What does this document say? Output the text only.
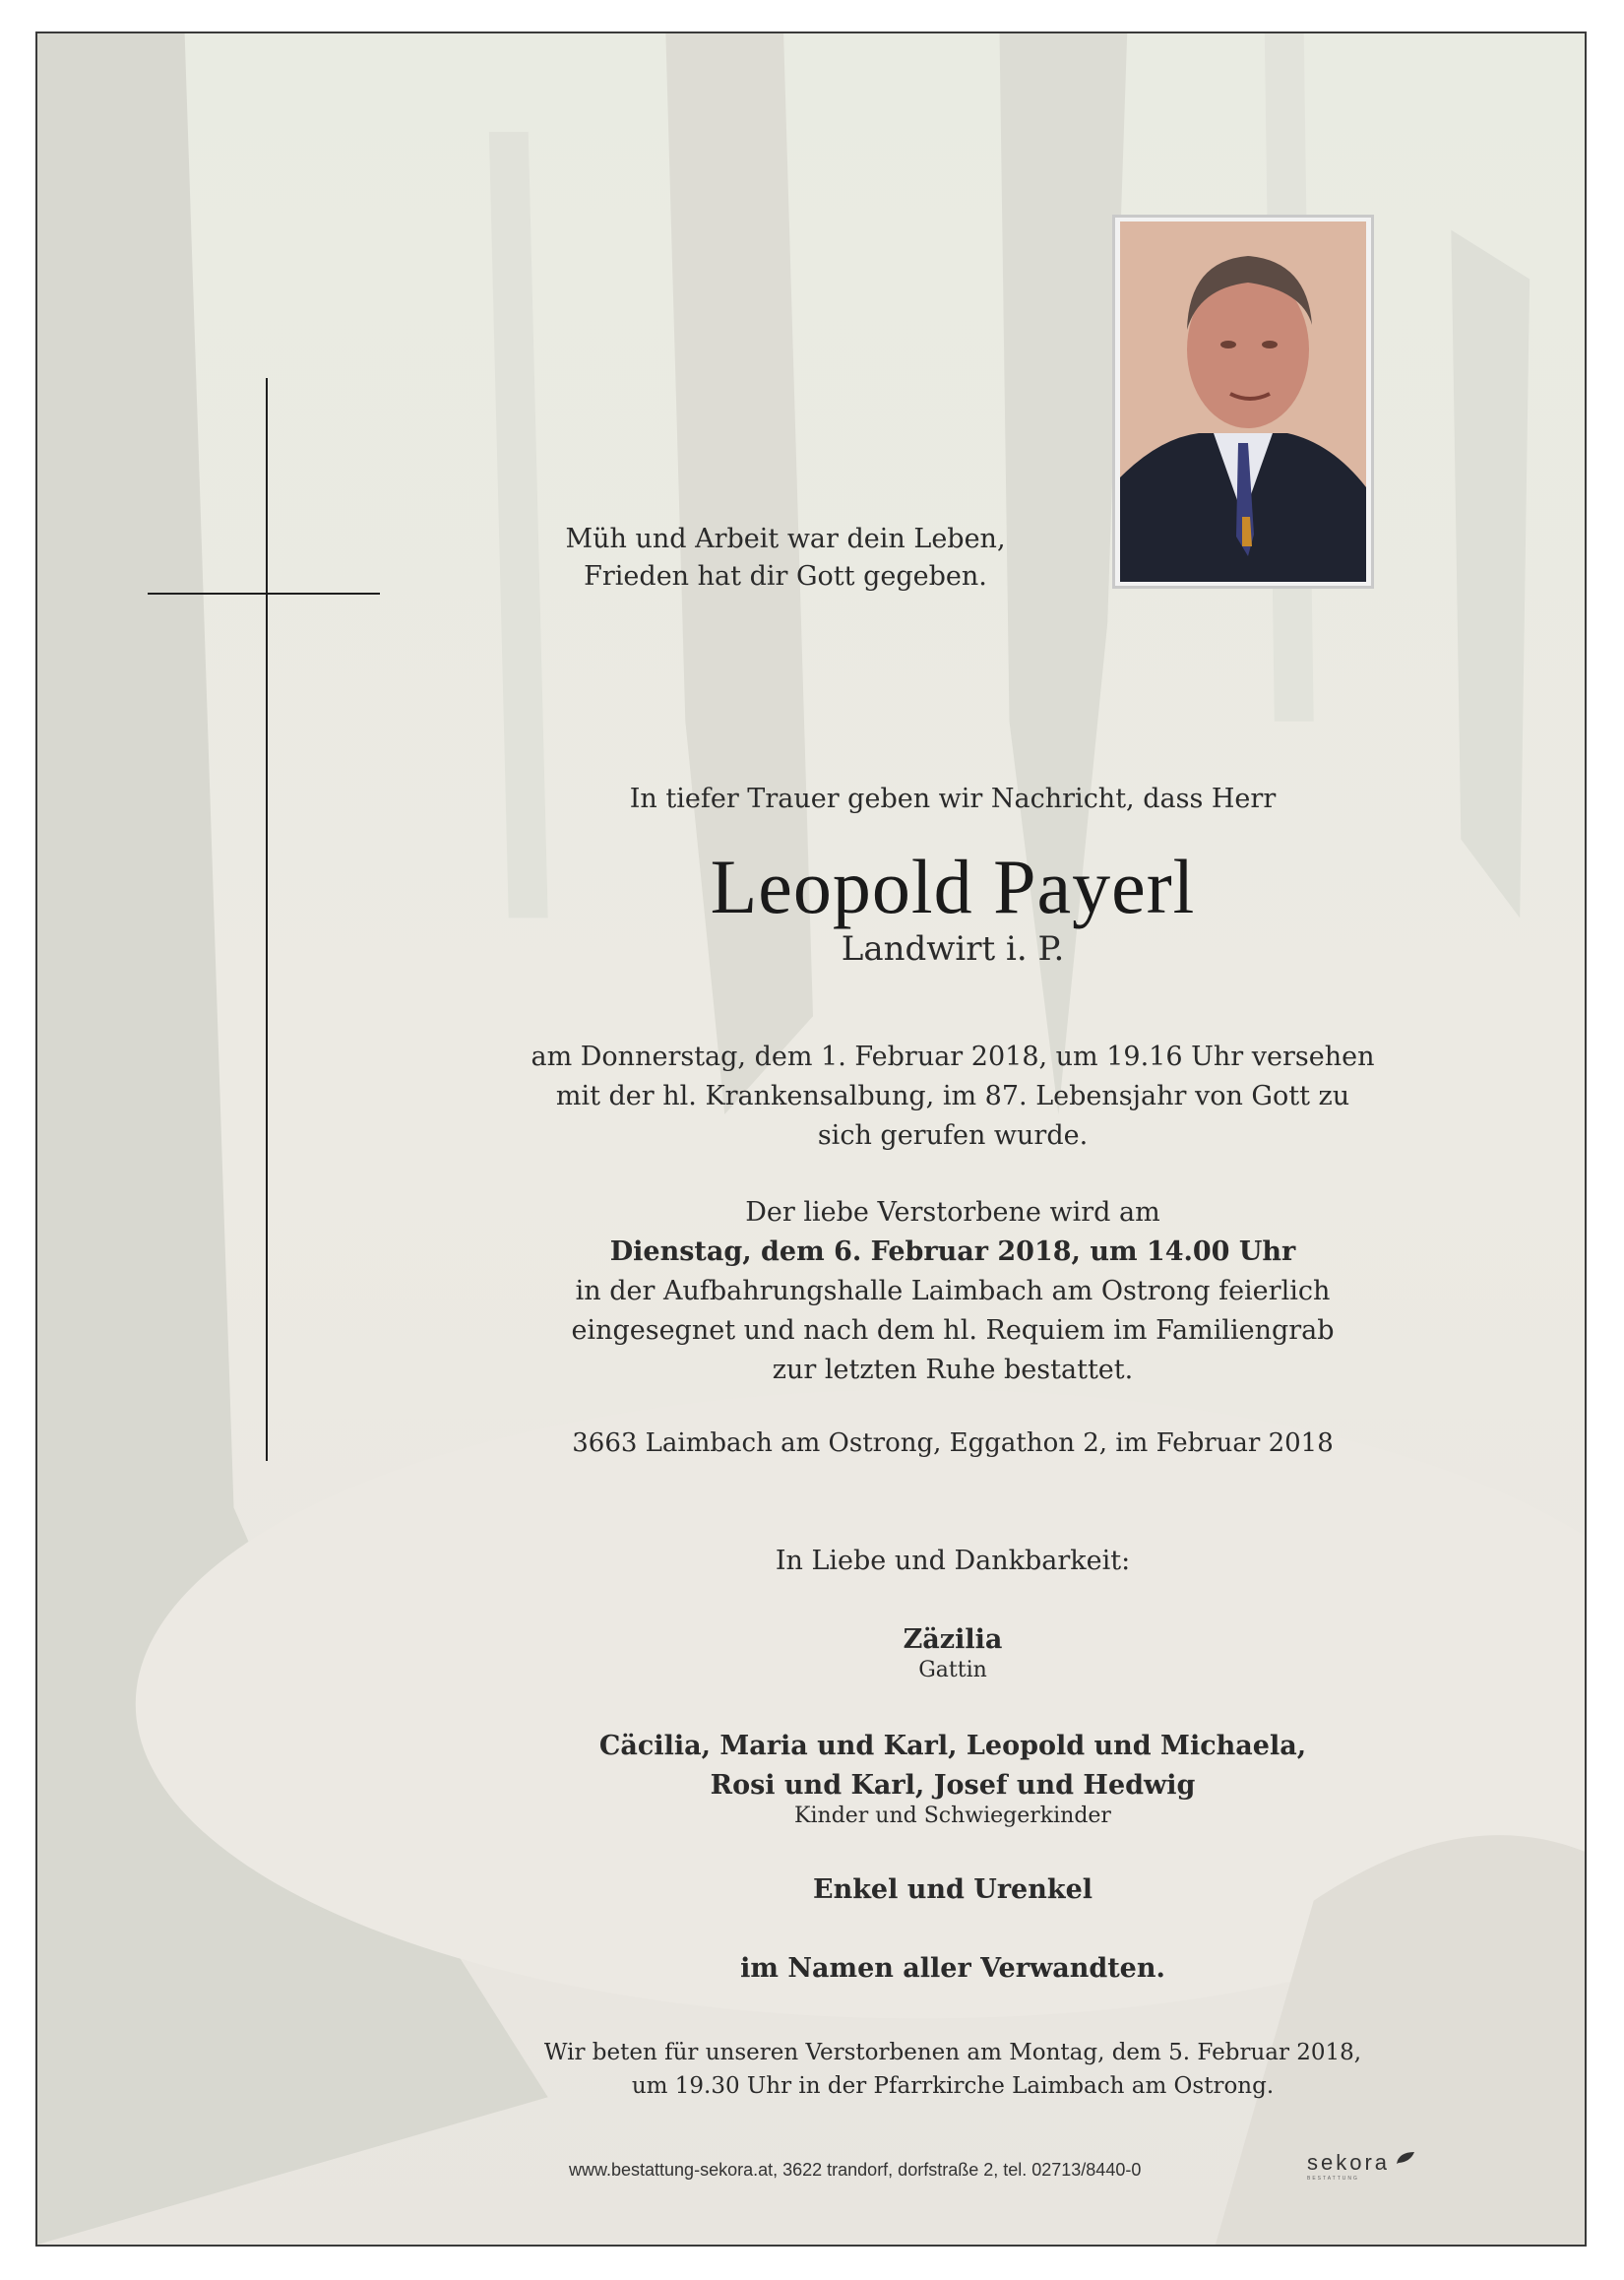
Müh und Arbeit war dein Leben,
Frieden hat dir Gott gegeben.
In tiefer Trauer geben wir Nachricht, dass Herr
Leopold Payerl
Landwirt i. P.
am Donnerstag, dem 1. Februar 2018, um 19.16 Uhr versehen
mit der hl. Krankensalbung, im 87. Lebensjahr von Gott zu
sich gerufen wurde.
Der liebe Verstorbene wird am
Dienstag, dem 6. Februar 2018, um 14.00 Uhr
in der Aufbahrungshalle Laimbach am Ostrong feierlich
eingesegnet und nach dem hl. Requiem im Familiengrab
zur letzten Ruhe bestattet.
3663 Laimbach am Ostrong, Eggathon 2, im Februar 2018
In Liebe und Dankbarkeit:
Zäzilia
Gattin
Cäcilia, Maria und Karl, Leopold und Michaela,
Rosi und Karl, Josef und Hedwig
Kinder und Schwiegerkinder
Enkel und Urenkel
im Namen aller Verwandten.
Wir beten für unseren Verstorbenen am Montag, dem 5. Februar 2018,
um 19.30 Uhr in der Pfarrkirche Laimbach am Ostrong.
www.bestattung-sekora.at, 3622 trandorf, dorfstraße 2, tel. 02713/8440-0	sekora
BESTATTUNG
